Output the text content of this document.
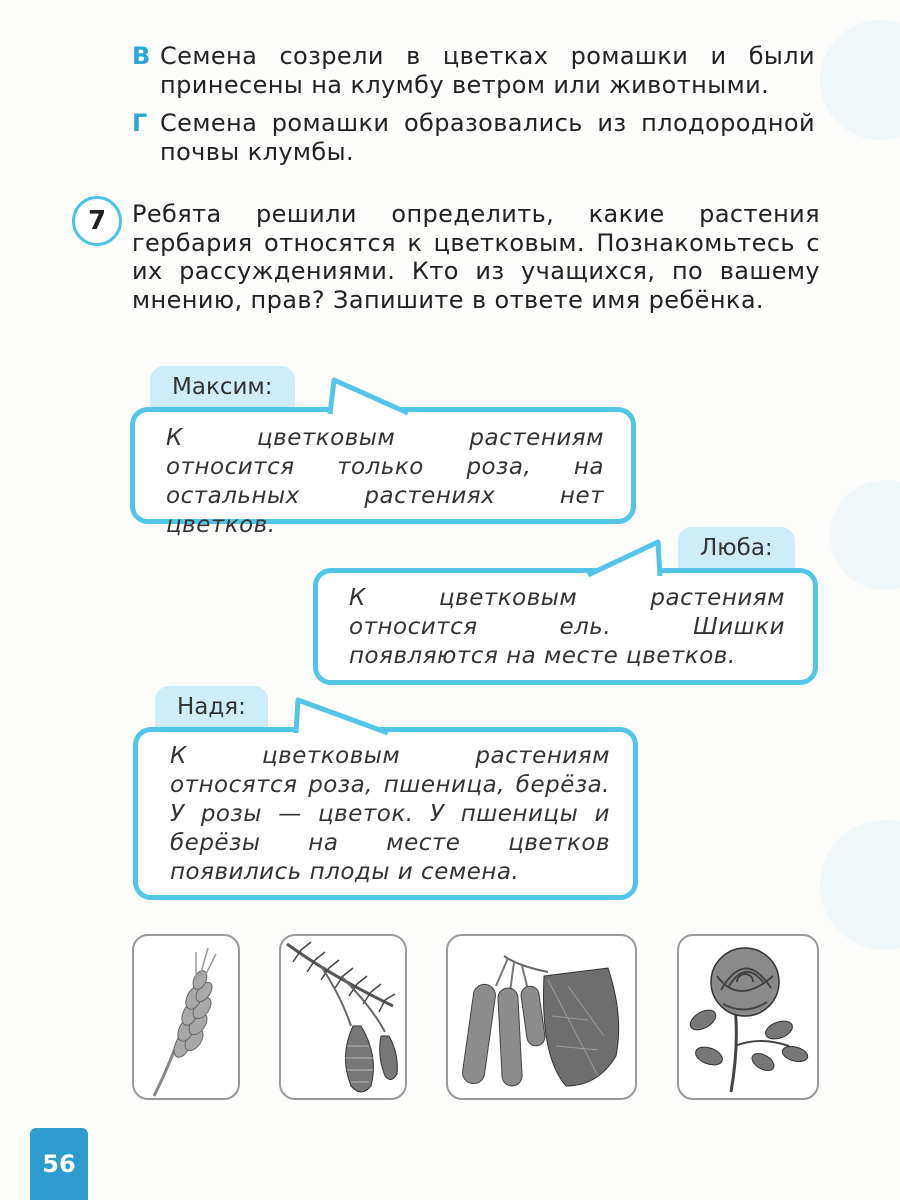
В Семена созрели в цветках ромашки и были принесены на клумбу ветром или животными.
Г Семена ромашки образовались из плодородной почвы клумбы.
7	Ребята решили определить, какие растения гербария относятся к цветковым. Познакомьтесь с их рассуждениями. Кто из учащихся, по вашему мнению, прав? Запишите в ответе имя ребёнка.
Максим:
К цветковым растениям относится только роза, на остальных растениях нет цветков.
Люба:
К цветковым растениям относится ель. Шишки появляются на месте цветков.
Надя:
К цветковым растениям относятся роза, пшеница, берёза. У розы — цветок. У пшеницы и берёзы на месте цветков появились плоды и семена.
56
